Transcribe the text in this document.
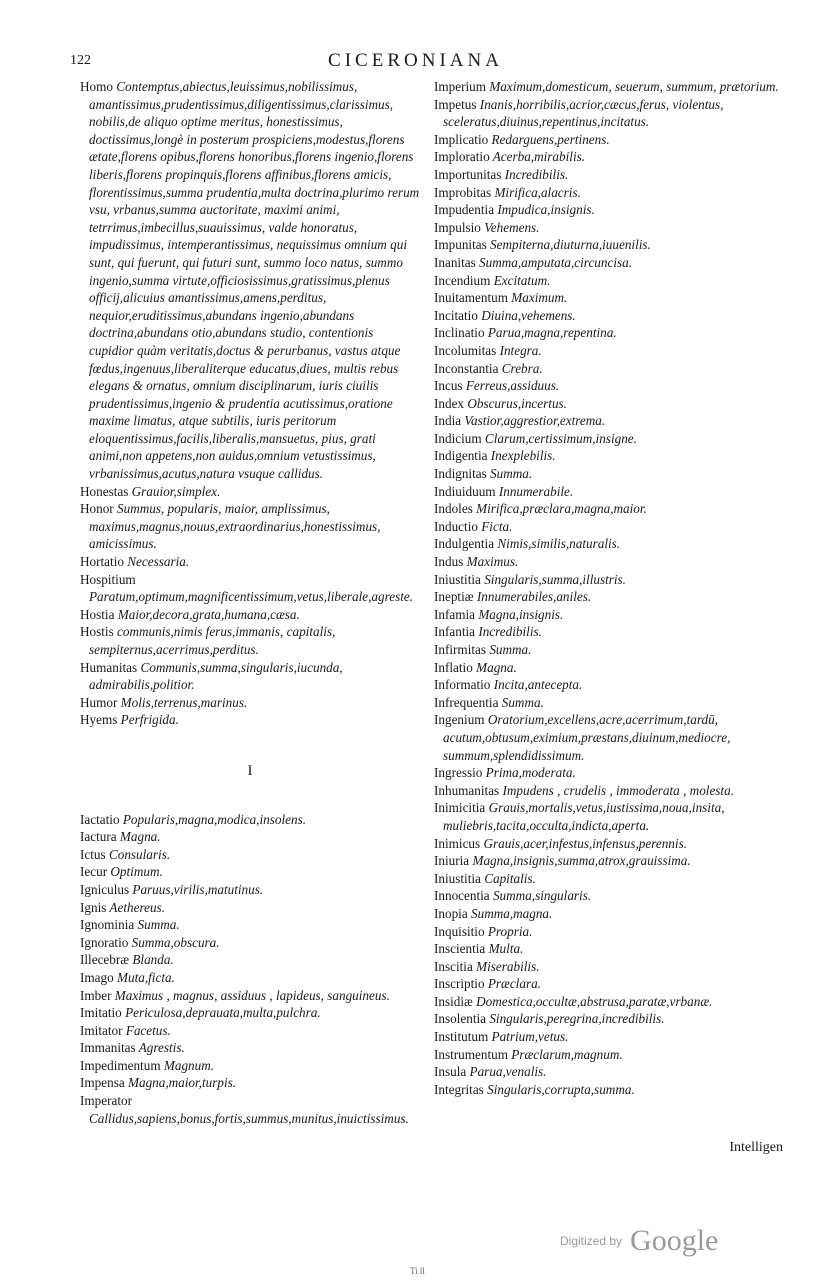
122	CICERONIANA

Homo Contemptus,abiectus,leuissimus,nobilissimus, amantissimus,prudentissimus,diligentissimus,clarissimus, nobilis,de aliquo optime meritus, honestissimus, doctissimus,longè in posterum prospiciens,modestus,florens ætate,florens opibus,florens honoribus,florens ingenio,florens liberis,florens propinquis,florens affinibus,florens amicis, florentissimus,summa prudentia,multa doctrina,plurimo rerum vsu, vrbanus,summa auctoritate, maximi animi, tetrrimus,imbecillus,suauissimus, valde honoratus, impudissimus, intemperantissimus, nequissimus omnium qui sunt, qui fuerunt, qui futuri sunt, summo loco natus, summo ingenio,summa virtute,officiosissimus,gratissimus,plenus officij,alicuius amantissimus,amens,perditus, nequior,eruditissimus,abundans ingenio,abundans doctrina,abundans otio,abundans studio, contentionis cupidior quàm veritatis,doctus & perurbanus, vastus atque fœdus,ingenuus,liberaliterque educatus,diues, multis rebus elegans & ornatus, omnium disciplinarum, iuris ciuilis prudentissimus,ingenio & prudentia acutissimus,oratione maxime limatus, atque subtilis, iuris peritorum eloquentissimus,facilis,liberalis,mansuetus, pius, grati animi,non appetens,non auidus,omnium vetustissimus, vrbanissimus,acutus,natura vsuque callidus.

Honestas Grauior,simplex.

Honor Summus, popularis, maior, amplissimus, maximus,magnus,nouus,extraordinarius,honestissimus, amicissimus.

Hortatio Necessaria.

Hospitium Paratum,optimum,magnificentissimum,vetus,liberale,agreste.

Hostia Maior,decora,grata,humana,cæsa.

Hostis communis,nimis ferus,immanis, capitalis, sempiternus,acerrimus,perditus.

Humanitas Communis,summa,singularis,iucunda, admirabilis,politior.

Humor Molis,terrenus,marinus.

Hyems Perfrigida.

I

Iactatio Popularis,magna,modica,insolens.

Iactura Magna.

Ictus Consularis.

Iecur Optimum.

Igniculus Paruus,virilis,matutinus.

Ignis Aethereus.

Ignominia Summa.

Ignoratio Summa,obscura.

Illecebræ Blanda.

Imago Muta,ficta.

Imber Maximus , magnus, assiduus , lapideus, sanguineus.

Imitatio Periculosa,deprauata,multa,pulchra.

Imitator Facetus.

Immanitas Agrestis.

Impedimentum Magnum.

Impensa Magna,maior,turpis.

Imperator Callidus,sapiens,bonus,fortis,summus,munitus,inuictissimus.

Imperium Maximum,domesticum, seuerum, summum, prætorium.

Impetus Inanis,horribilis,acrior,cæcus,ferus, violentus, sceleratus,diuinus,repentinus,incitatus.

Implicatio Redarguens,pertinens.

Imploratio Acerba,mirabilis.

Importunitas Incredibilis.

Improbitas Mirifica,alacris.

Impudentia Impudica,insignis.

Impulsio Vehemens.

Impunitas Sempiterna,diuturna,iuuenilis.

Inanitas Summa,amputata,circuncisa.

Incendium Excitatum.

Inuitamentum Maximum.

Incitatio Diuina,vehemens.

Inclinatio Parua,magna,repentina.

Incolumitas Integra.

Inconstantia Crebra.

Incus Ferreus,assiduus.

Index Obscurus,incertus.

India Vastior,aggrestior,extrema.

Indicium Clarum,certissimum,insigne.

Indigentia Inexplebilis.

Indignitas Summa.

Indiuiduum Innumerabile.

Indoles Mirifica,præclara,magna,maior.

Inductio Ficta.

Indulgentia Nimis,similis,naturalis.

Indus Maximus.

Iniustitia Singularis,summa,illustris.

Ineptiæ Innumerabiles,aniles.

Infamia Magna,insignis.

Infantia Incredibilis.

Infirmitas Summa.

Inflatio Magna.

Informatio Incita,antecepta.

Infrequentia Summa.

Ingenium Oratorium,excellens,acre,acerrimum,tardū, acutum,obtusum,eximium,præstans,diuinum,mediocre, summum,splendidissimum.

Ingressio Prima,moderata.

Inhumanitas Impudens , crudelis , immoderata , molesta.

Inimicitia Grauis,mortalis,vetus,iustissima,noua,insita, muliebris,tacita,occulta,indicta,aperta.

Inimicus Grauis,acer,infestus,infensus,perennis.

Iniuria Magna,insignis,summa,atrox,grauissima.

Iniustitia Capitalis.

Innocentia Summa,singularis.

Inopia Summa,magna.

Inquisitio Propria.

Inscientia Multa.

Inscitia Miserabilis.

Inscriptio Præclara.

Insidiæ Domestica,occultæ,abstrusa,paratæ,vrbanæ.

Insolentia Singularis,peregrina,incredibilis.

Institutum Patrium,vetus.

Instrumentum Præclarum,magnum.

Insula Parua,venalis.

Integritas Singularis,corrupta,summa.

Intelligen
Digitized by Google
Ti ll
